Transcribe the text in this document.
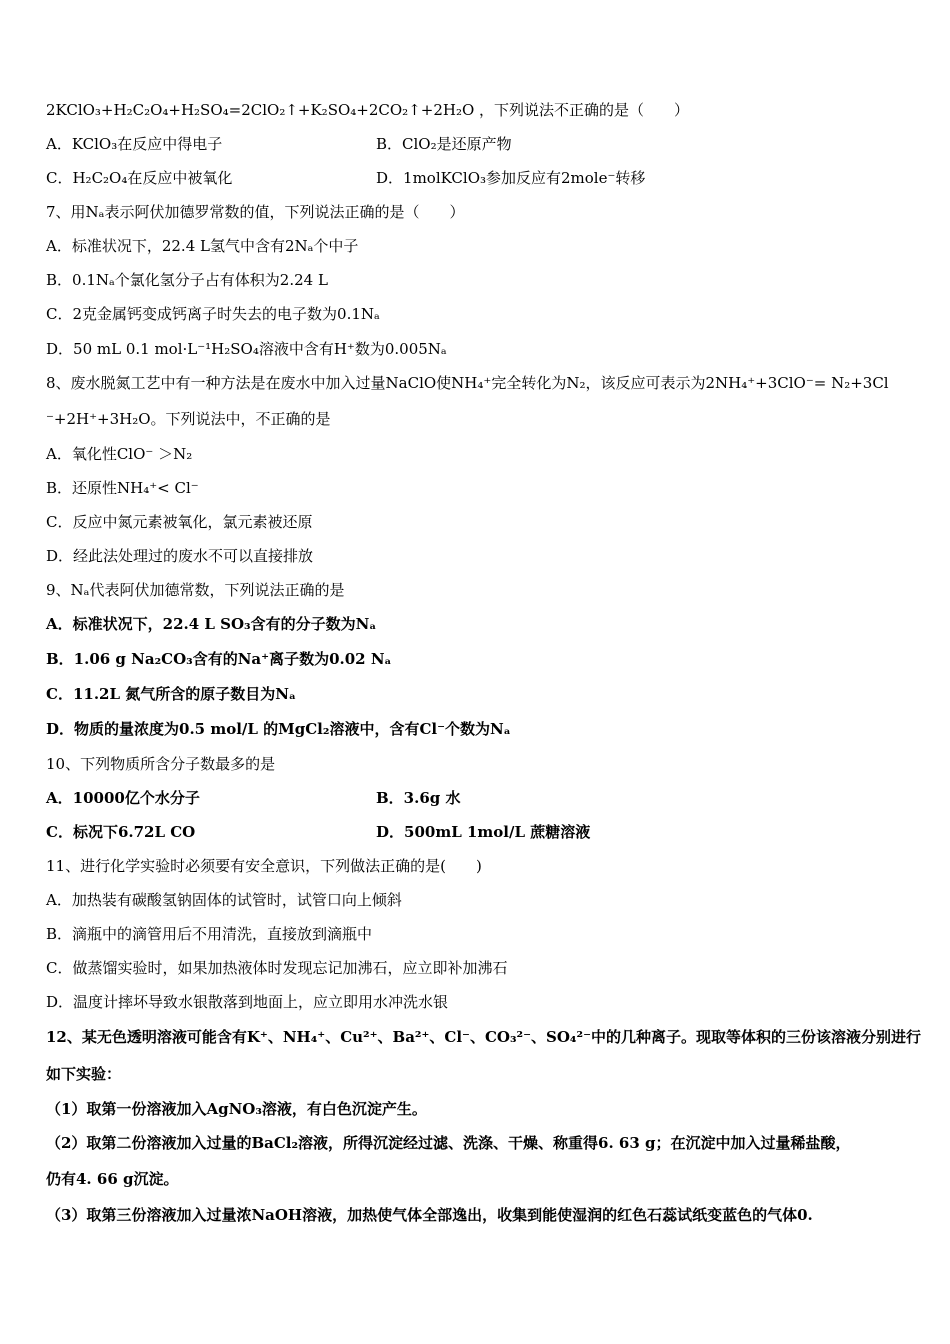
2KClO₃+H₂C₂O₄+H₂SO₄=2ClO₂↑+K₂SO₄+2CO₂↑+2H₂O ，下列说法不正确的是（　　）
A．KClO₃在反应中得电子	B．ClO₂是还原产物
C．H₂C₂O₄在反应中被氧化	D．1molKClO₃参加反应有2mole⁻转移
7、用Nₐ表示阿伏加德罗常数的值，下列说法正确的是（　　）
A．标准状况下，22.4 L氢气中含有2Nₐ个中子
B．0.1Nₐ个氯化氢分子占有体积为2.24 L
C．2克金属钙变成钙离子时失去的电子数为0.1Nₐ
D．50 mL 0.1 mol·L⁻¹H₂SO₄溶液中含有H⁺数为0.005Nₐ
8、废水脱氮工艺中有一种方法是在废水中加入过量NaClO使NH₄⁺完全转化为N₂，该反应可表示为2NH₄⁺+3ClO⁻= N₂+3Cl
⁻+2H⁺+3H₂O。下列说法中，不正确的是
A．氧化性ClO⁻ ＞N₂
B．还原性NH₄⁺< Cl⁻
C．反应中氮元素被氧化，氯元素被还原
D．经此法处理过的废水不可以直接排放
9、Nₐ代表阿伏加德常数，下列说法正确的是
A．标准状况下，22.4 L SO₃含有的分子数为Nₐ
B．1.06 g Na₂CO₃含有的Na⁺离子数为0.02 Nₐ
C．11.2L 氮气所含的原子数目为Nₐ
D．物质的量浓度为0.5 mol/L 的MgCl₂溶液中，含有Cl⁻个数为Nₐ
10、下列物质所含分子数最多的是
A．10000亿个水分子	B．3.6g 水
C．标况下6.72L CO	D．500mL 1mol/L 蔗糖溶液
11、进行化学实验时必须要有安全意识，下列做法正确的是(　　)
A．加热装有碳酸氢钠固体的试管时，试管口向上倾斜
B．滴瓶中的滴管用后不用清洗，直接放到滴瓶中
C．做蒸馏实验时，如果加热液体时发现忘记加沸石，应立即补加沸石
D．温度计摔坏导致水银散落到地面上，应立即用水冲洗水银
12、某无色透明溶液可能含有K⁺、NH₄⁺、Cu²⁺、Ba²⁺、Cl⁻、CO₃²⁻、SO₄²⁻中的几种离子。现取等体积的三份该溶液分别进行
如下实验：
（1）取第一份溶液加入AgNO₃溶液，有白色沉淀产生。
（2）取第二份溶液加入过量的BaCl₂溶液，所得沉淀经过滤、洗涤、干燥、称重得6. 63 g；在沉淀中加入过量稀盐酸，
仍有4. 66 g沉淀。
（3）取第三份溶液加入过量浓NaOH溶液，加热使气体全部逸出，收集到能使湿润的红色石蕊试纸变蓝色的气体0.
